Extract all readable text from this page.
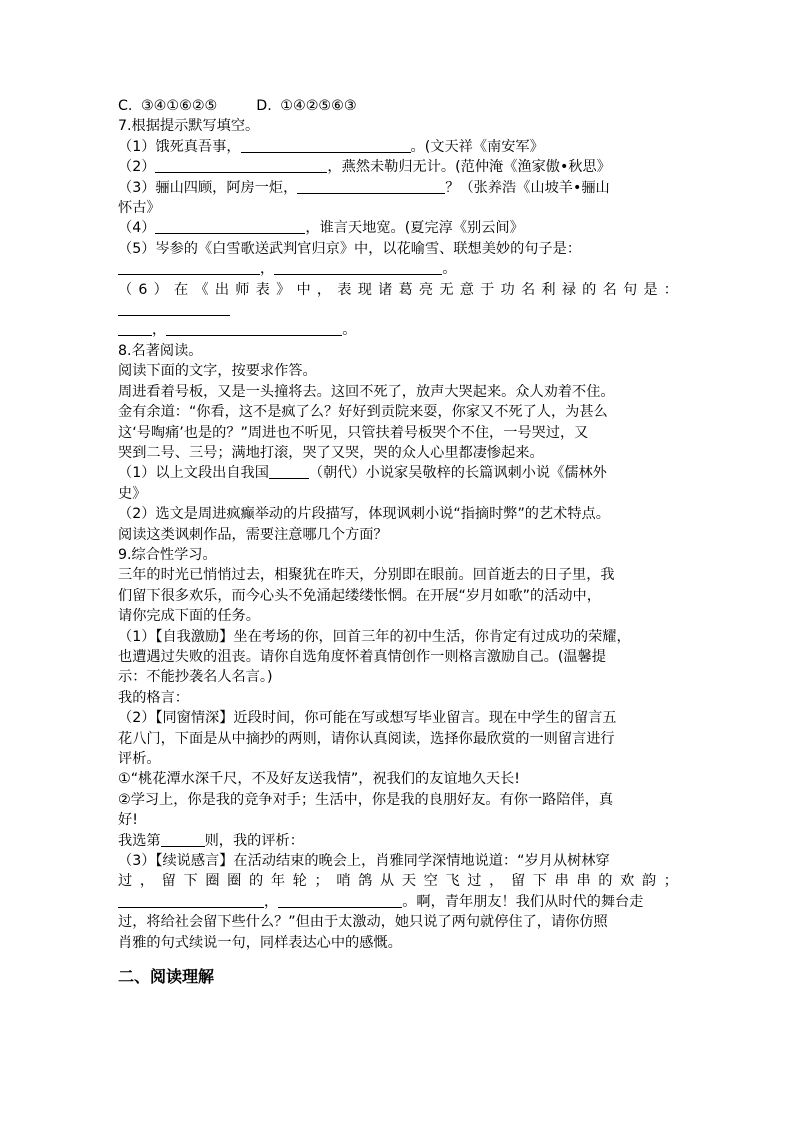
C. ③④①⑥②⑤	D. ①④②⑤⑥③
7.根据提示默写填空。
（1）饿死真吾事，	。(文天祥《南安军》
（2）	，燕然未勒归无计。(范仲淹《渔家傲•秋思》
（3）骊山四顾，阿房一炬，	？（张养浩《山坡羊•骊山
怀古》
（4）	，谁言天地宽。(夏完淳《别云间》
（5）岑参的《白雪歌送武判官归京》中，以花喻雪、联想美妙的句子是：
，	。
（6）在《出师表》中，表现诸葛亮无意于功名利禄的名句是：
，	。
8.名著阅读。
阅读下面的文字，按要求作答。
周进看着号板，又是一头撞将去。这回不死了，放声大哭起来。众人劝着不住。
金有余道：“你看，这不是疯了么？好好到贡院来耍，你家又不死了人，为甚么
这‘号啕痛’也是的？”周进也不听见，只管扶着号板哭个不住，一号哭过，又
哭到二号、三号；满地打滚，哭了又哭，哭的众人心里都凄惨起来。
（1）以上文段出自我国	（朝代）小说家吴敬梓的长篇讽刺小说《儒林外
史》
（2）选文是周进疯癫举动的片段描写，体现讽刺小说“指摘时弊”的艺术特点。
阅读这类讽刺作品，需要注意哪几个方面？
9.综合性学习。
三年的时光已悄悄过去，相聚犹在昨天，分别即在眼前。回首逝去的日子里，我
们留下很多欢乐，而今心头不免涌起缕缕怅惘。在开展“岁月如歌”的活动中，
请你完成下面的任务。
（1）【自我激励】坐在考场的你，回首三年的初中生活，你肯定有过成功的荣耀，
也遭遇过失败的沮丧。请你自选角度怀着真情创作一则格言激励自己。(温馨提
示：不能抄袭名人名言。)
我的格言：
（2）【同窗情深】近段时间，你可能在写或想写毕业留言。现在中学生的留言五
花八门，下面是从中摘抄的两则，请你认真阅读，选择你最欣赏的一则留言进行
评析。
①“桃花潭水深千尺，不及好友送我情”，祝我们的友谊地久天长!
②学习上，你是我的竞争对手；生活中，你是我的良朋好友。有你一路陪伴，真
好!
我选第	则，我的评析：
（3）【续说感言】在活动结束的晚会上，肖雅同学深情地说道：“岁月从树林穿
过，留下圈圈的年轮；哨鸽从天空飞过，留下串串的欢韵；
，	。啊，青年朋友！我们从时代的舞台走
过，将给社会留下些什么？”但由于太激动，她只说了两句就停住了，请你仿照
肖雅的句式续说一句，同样表达心中的感慨。
二、阅读理解
